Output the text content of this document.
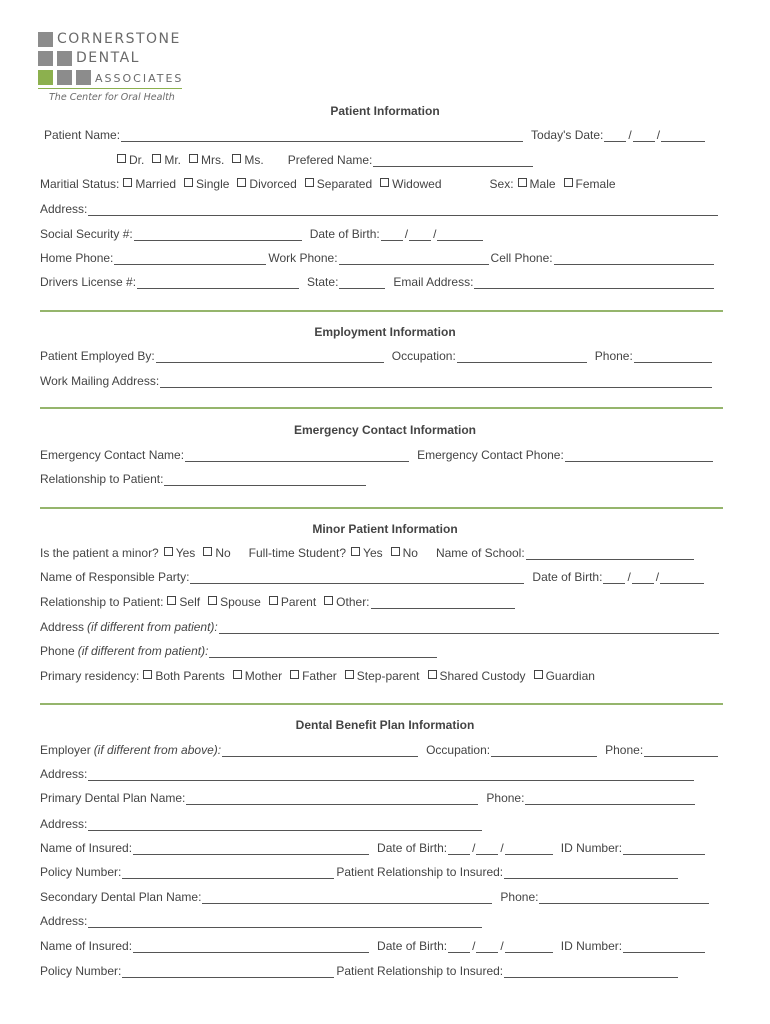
CORNERSTONE
DENTAL
ASSOCIATES
The Center for Oral Health
Patient Information
Patient Name:	Today's Date: / /
Dr. Mr. Mrs. Ms. Prefered Name:
Maritial Status: Married Single Divorced Separated Widowed	Sex: Male Female
Address:
Social Security #:	Date of Birth: / /
Home Phone:	Work Phone:	Cell Phone:
Drivers License #:	State:	Email Address:
Employment Information
Patient Employed By:	Occupation:	Phone:
Work Mailing Address:
Emergency Contact Information
Emergency Contact Name:	Emergency Contact Phone:
Relationship to Patient:
Minor Patient Information
Is the patient a minor? Yes No Full-time Student? Yes No Name of School:
Name of Responsible Party:	Date of Birth: / /
Relationship to Patient: Self Spouse Parent Other:
Address (if different from patient):
Phone (if different from patient):
Primary residency: Both Parents Mother Father Step-parent Shared Custody Guardian
Dental Benefit Plan Information
Employer (if different from above):	Occupation:	Phone:
Address:
Primary Dental Plan Name:	Phone:
Address:
Name of Insured:	Date of Birth: / /	ID Number:
Policy Number:	Patient Relationship to Insured:
Secondary Dental Plan Name:	Phone:
Address:
Name of Insured:	Date of Birth: / /	ID Number:
Policy Number:	Patient Relationship to Insured:
